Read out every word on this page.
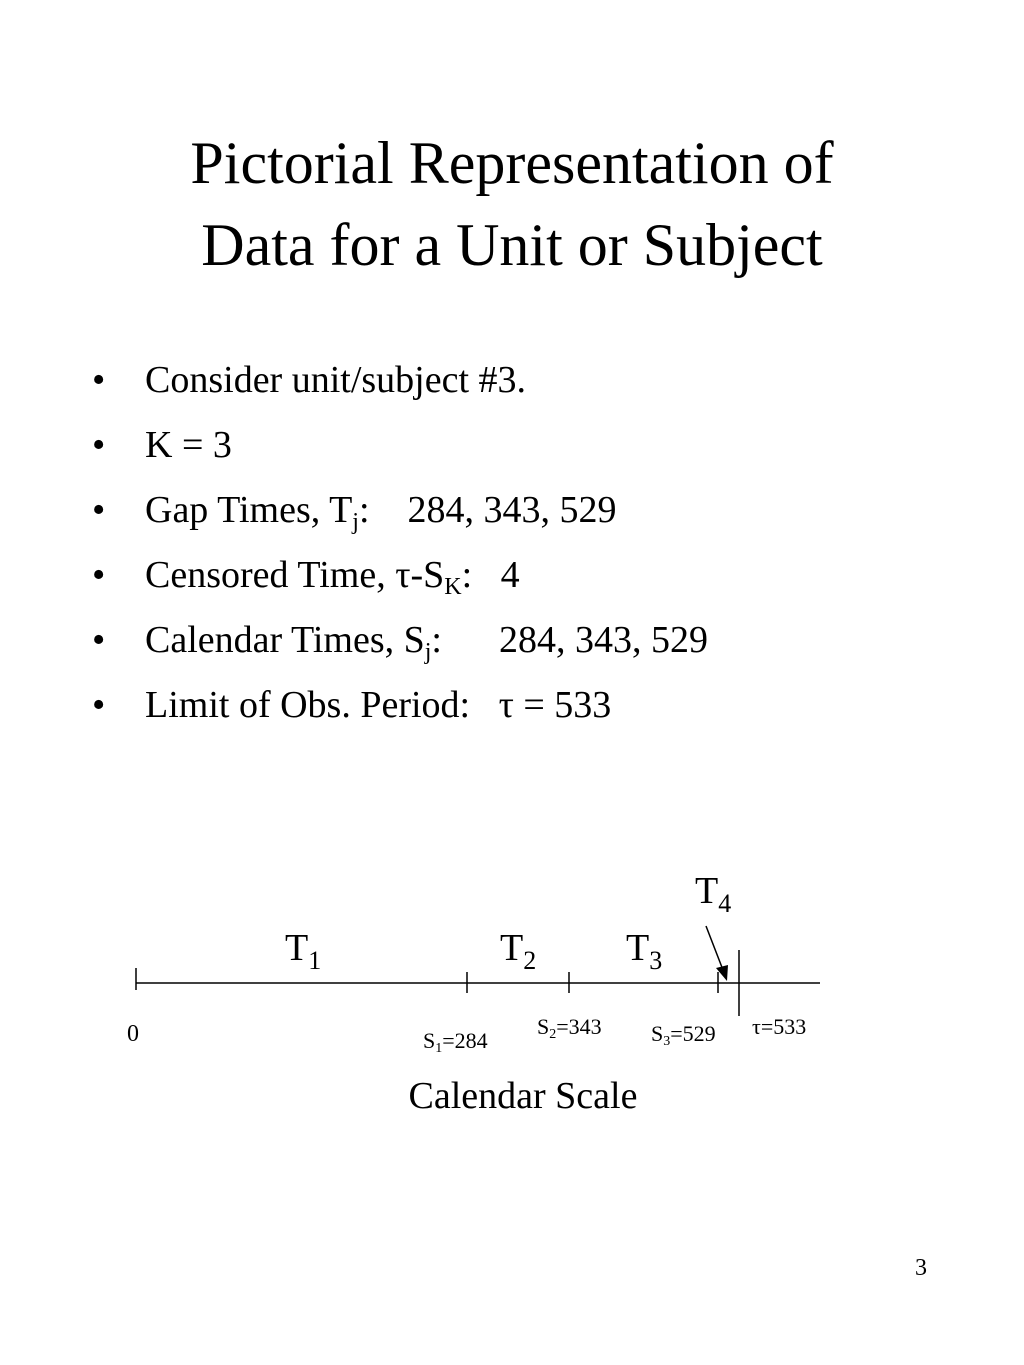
Pictorial Representation of
Data for a Unit or Subject
• Consider unit/subject #3.
• K = 3
• Gap Times, $T_j$:    284, 343, 529
• Censored Time, $\tau-S_K$:   4
• Calendar Times, $S_j$:      284, 343, 529
• Limit of Obs. Period:   τ = 533
$T_1$	$T_2$ $T_3$
$T_4$
0	S1=284
S2=343 S3=529 τ=533
Calendar Scale
3
